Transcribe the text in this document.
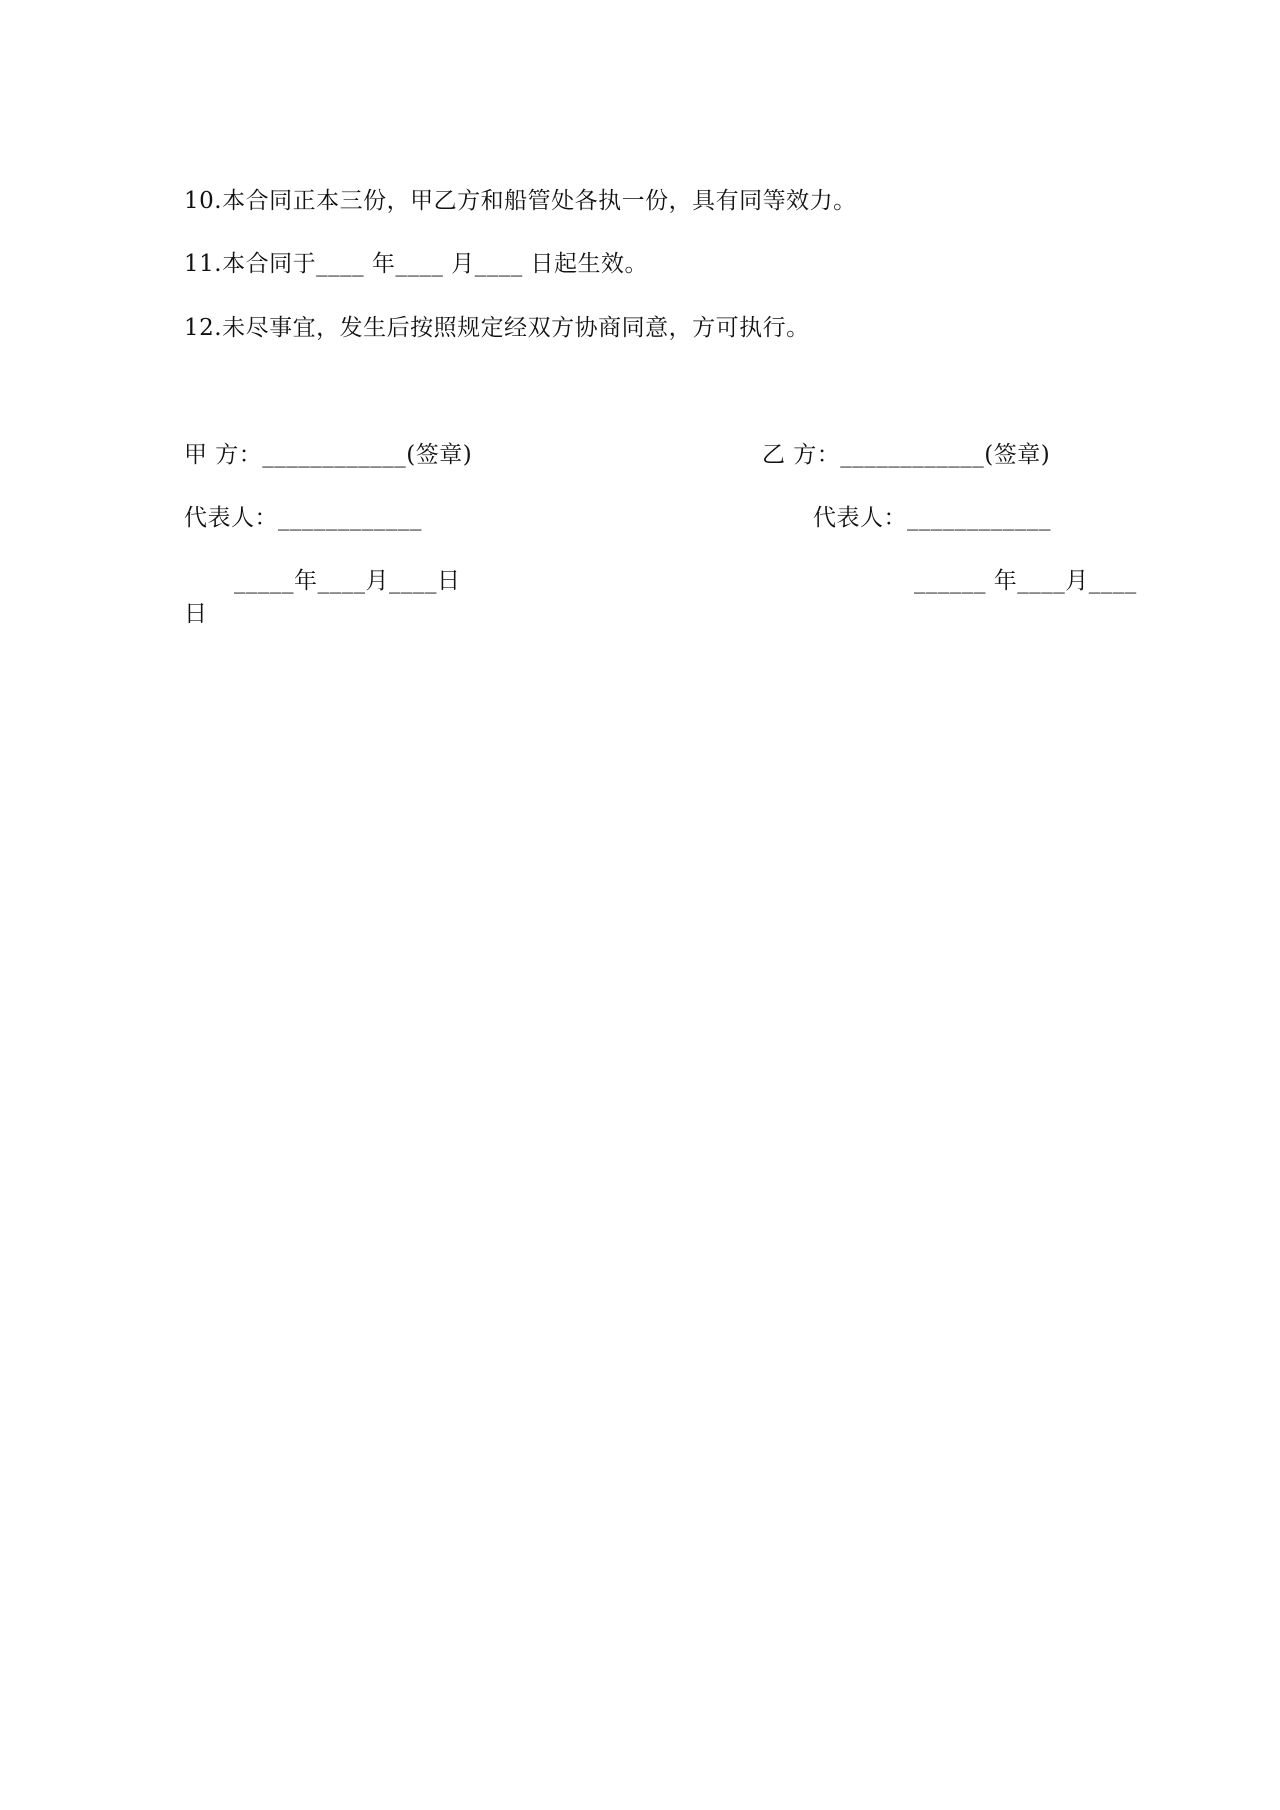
10.本合同正本三份，甲乙方和船管处各执一份，具有同等效力。
11.本合同于____ 年____ 月____ 日起生效。
12.未尽事宜，发生后按照规定经双方协商同意，方可执行。
甲 方：____________(签章)	乙 方：____________(签章)
代表人：____________	代表人：____________
_____年____月____日	______ 年____月____
日
